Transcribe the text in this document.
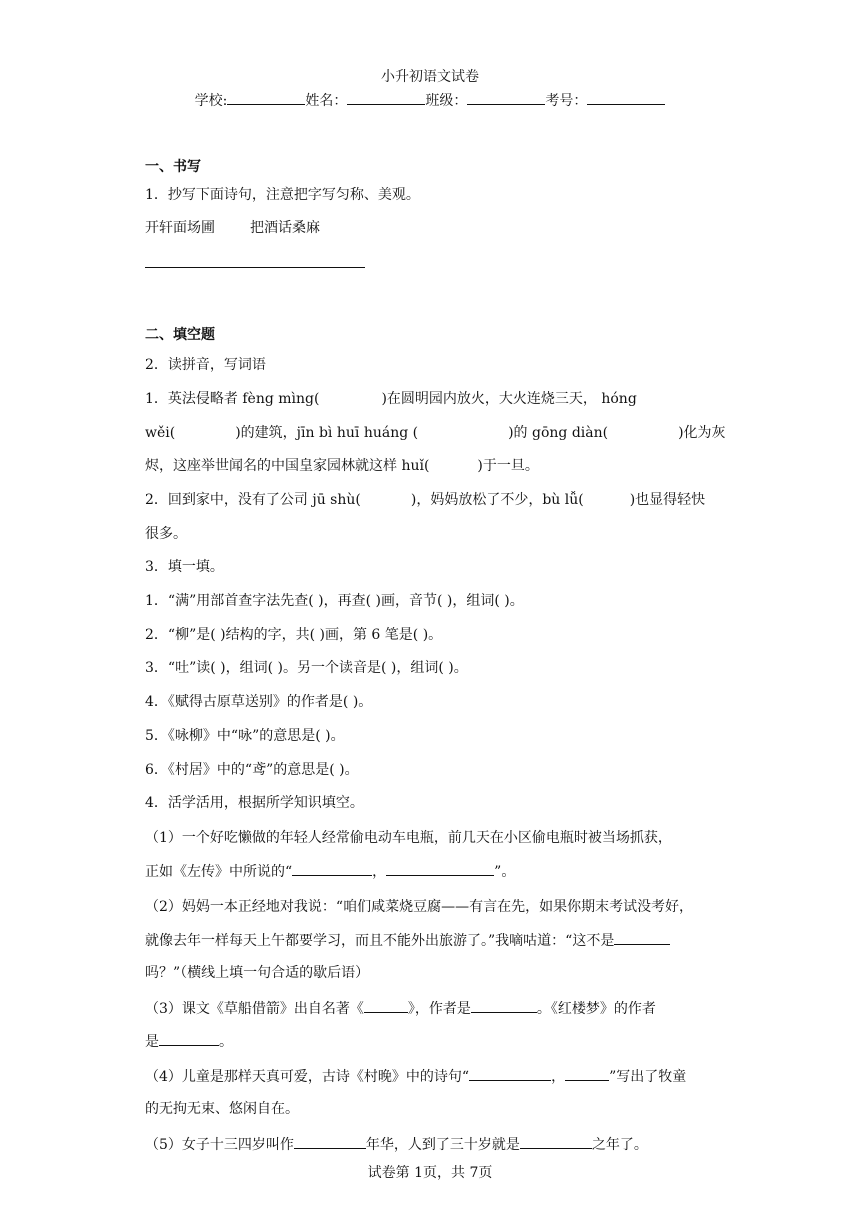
小升初语文试卷
学校:	姓名：	班级：	考号：
一、书写
1．抄写下面诗句，注意把字写匀称、美观。
开轩面场圃	把酒话桑麻
二、填空题
2．读拼音，写词语
1．英法侵略者 fèng mìng(	)在圆明园内放火，大火连烧三天， hóng
wěi(	)的建筑，jīn bì huī huáng (	)的 gōng diàn(	)化为灰
烬，这座举世闻名的中国皇家园林就这样 huǐ(	)于一旦。
2．回到家中，没有了公司 jū shù(	)，妈妈放松了不少，bù lǚ(	)也显得轻快
很多。
3．填一填。
1．“满”用部首查字法先查( )，再查( )画，音节( )，组词( )。
2．“柳”是( )结构的字，共( )画，第 6 笔是( )。
3．“吐”读( )，组词( )。另一个读音是( )，组词( )。
4．《赋得古原草送别》的作者是( )。
5．《咏柳》中“咏”的意思是( )。
6．《村居》中的“鸢”的意思是( )。
4．活学活用，根据所学知识填空。
（1）一个好吃懒做的年轻人经常偷电动车电瓶，前几天在小区偷电瓶时被当场抓获，
正如《左传》中所说的“	，	”。
（2）妈妈一本正经地对我说：“咱们咸菜烧豆腐——有言在先，如果你期末考试没考好，
就像去年一样每天上午都要学习，而且不能外出旅游了。”我嘀咕道：“这不是
吗？”（横线上填一句合适的歇后语）
（3）课文《草船借箭》出自名著《	》，作者是	。《红楼梦》的作者
是	。
（4）儿童是那样天真可爱，古诗《村晚》中的诗句“	，	”写出了牧童
的无拘无束、悠闲自在。
（5）女子十三四岁叫作	年华，人到了三十岁就是	之年了。
试卷第 1页，共 7页
